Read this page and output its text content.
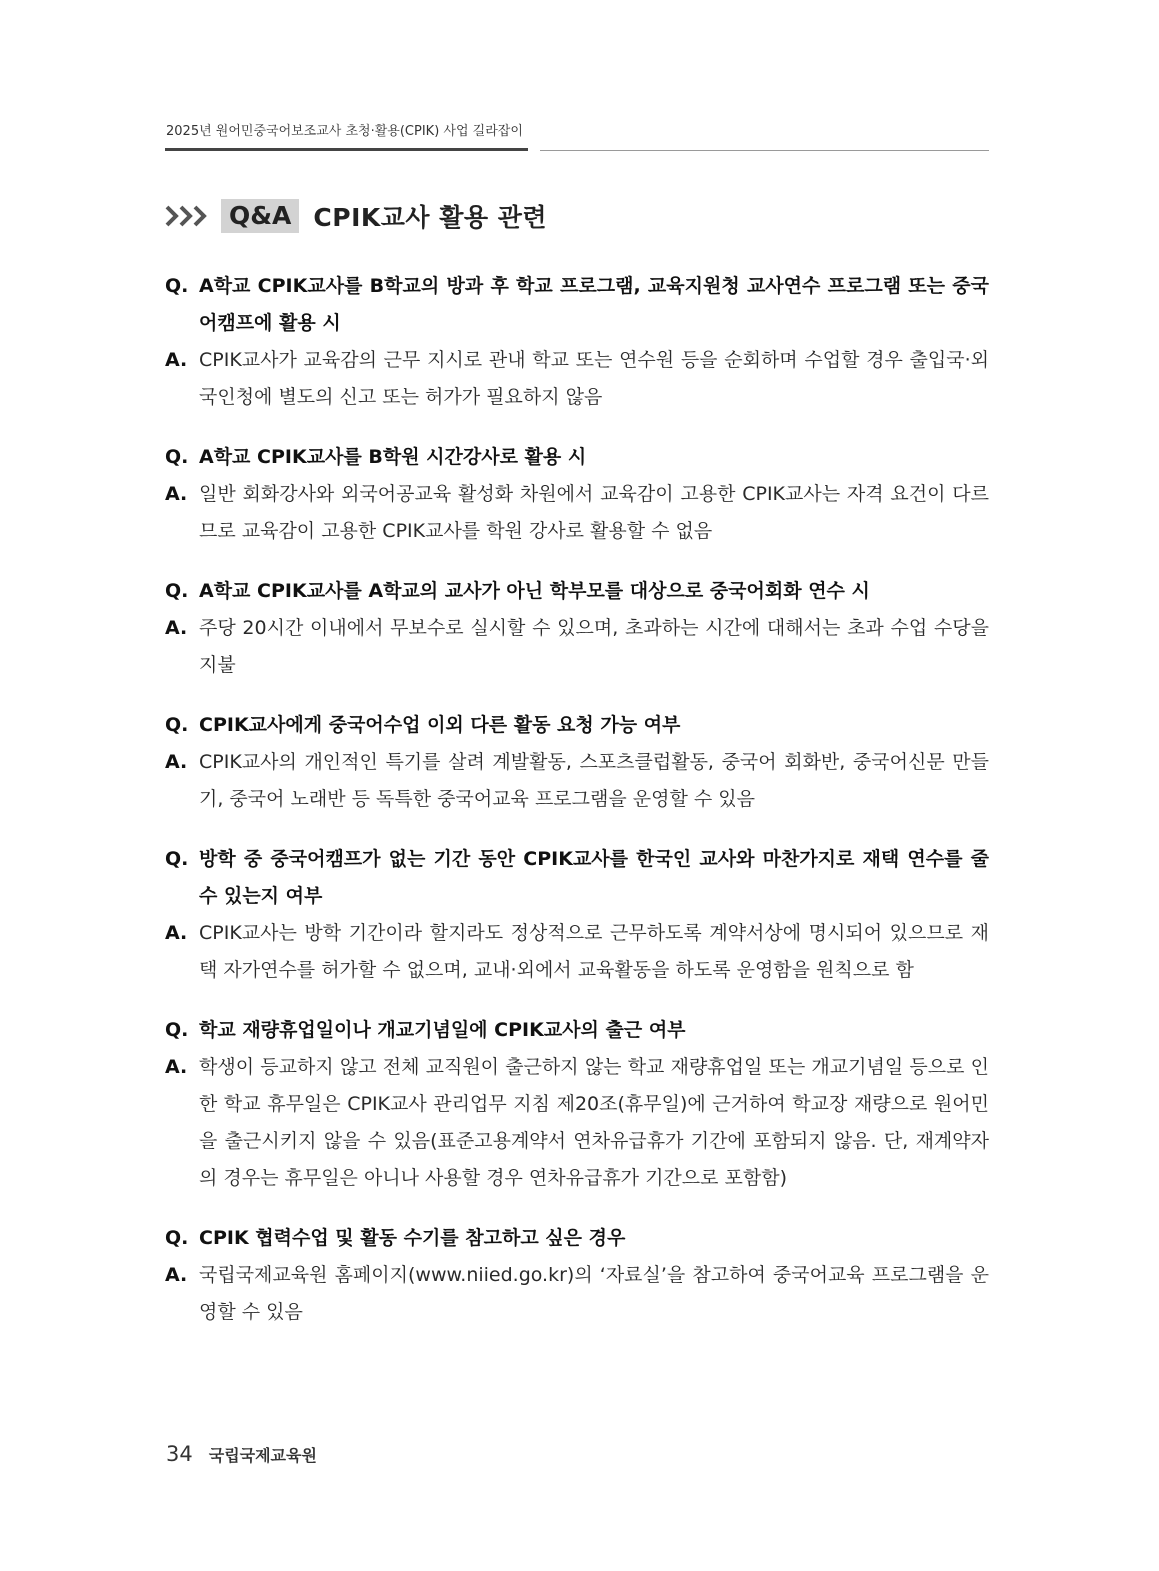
2025년 원어민중국어보조교사 초청·활용(CPIK) 사업 길라잡이
Q&A CPIK교사 활용 관련
Q. A학교 CPIK교사를 B학교의 방과 후 학교 프로그램, 교육지원청 교사연수 프로그램 또는 중국어캠프에 활용 시
A. CPIK교사가 교육감의 근무 지시로 관내 학교 또는 연수원 등을 순회하며 수업할 경우 출입국·외국인청에 별도의 신고 또는 허가가 필요하지 않음
Q. A학교 CPIK교사를 B학원 시간강사로 활용 시
A. 일반 회화강사와 외국어공교육 활성화 차원에서 교육감이 고용한 CPIK교사는 자격 요건이 다르므로 교육감이 고용한 CPIK교사를 학원 강사로 활용할 수 없음
Q. A학교 CPIK교사를 A학교의 교사가 아닌 학부모를 대상으로 중국어회화 연수 시
A. 주당 20시간 이내에서 무보수로 실시할 수 있으며, 초과하는 시간에 대해서는 초과 수업 수당을 지불
Q. CPIK교사에게 중국어수업 이외 다른 활동 요청 가능 여부
A. CPIK교사의 개인적인 특기를 살려 계발활동, 스포츠클럽활동, 중국어 회화반, 중국어신문 만들기, 중국어 노래반 등 독특한 중국어교육 프로그램을 운영할 수 있음
Q. 방학 중 중국어캠프가 없는 기간 동안 CPIK교사를 한국인 교사와 마찬가지로 재택 연수를 줄 수 있는지 여부
A. CPIK교사는 방학 기간이라 할지라도 정상적으로 근무하도록 계약서상에 명시되어 있으므로 재택 자가연수를 허가할 수 없으며, 교내·외에서 교육활동을 하도록 운영함을 원칙으로 함
Q. 학교 재량휴업일이나 개교기념일에 CPIK교사의 출근 여부
A. 학생이 등교하지 않고 전체 교직원이 출근하지 않는 학교 재량휴업일 또는 개교기념일 등으로 인한 학교 휴무일은 CPIK교사 관리업무 지침 제20조(휴무일)에 근거하여 학교장 재량으로 원어민을 출근시키지 않을 수 있음(표준고용계약서 연차유급휴가 기간에 포함되지 않음. 단, 재계약자의 경우는 휴무일은 아니나 사용할 경우 연차유급휴가 기간으로 포함함)
Q. CPIK 협력수업 및 활동 수기를 참고하고 싶은 경우
A. 국립국제교육원 홈페이지(www.niied.go.kr)의 ‘자료실’을 참고하여 중국어교육 프로그램을 운영할 수 있음
34 국립국제교육원
